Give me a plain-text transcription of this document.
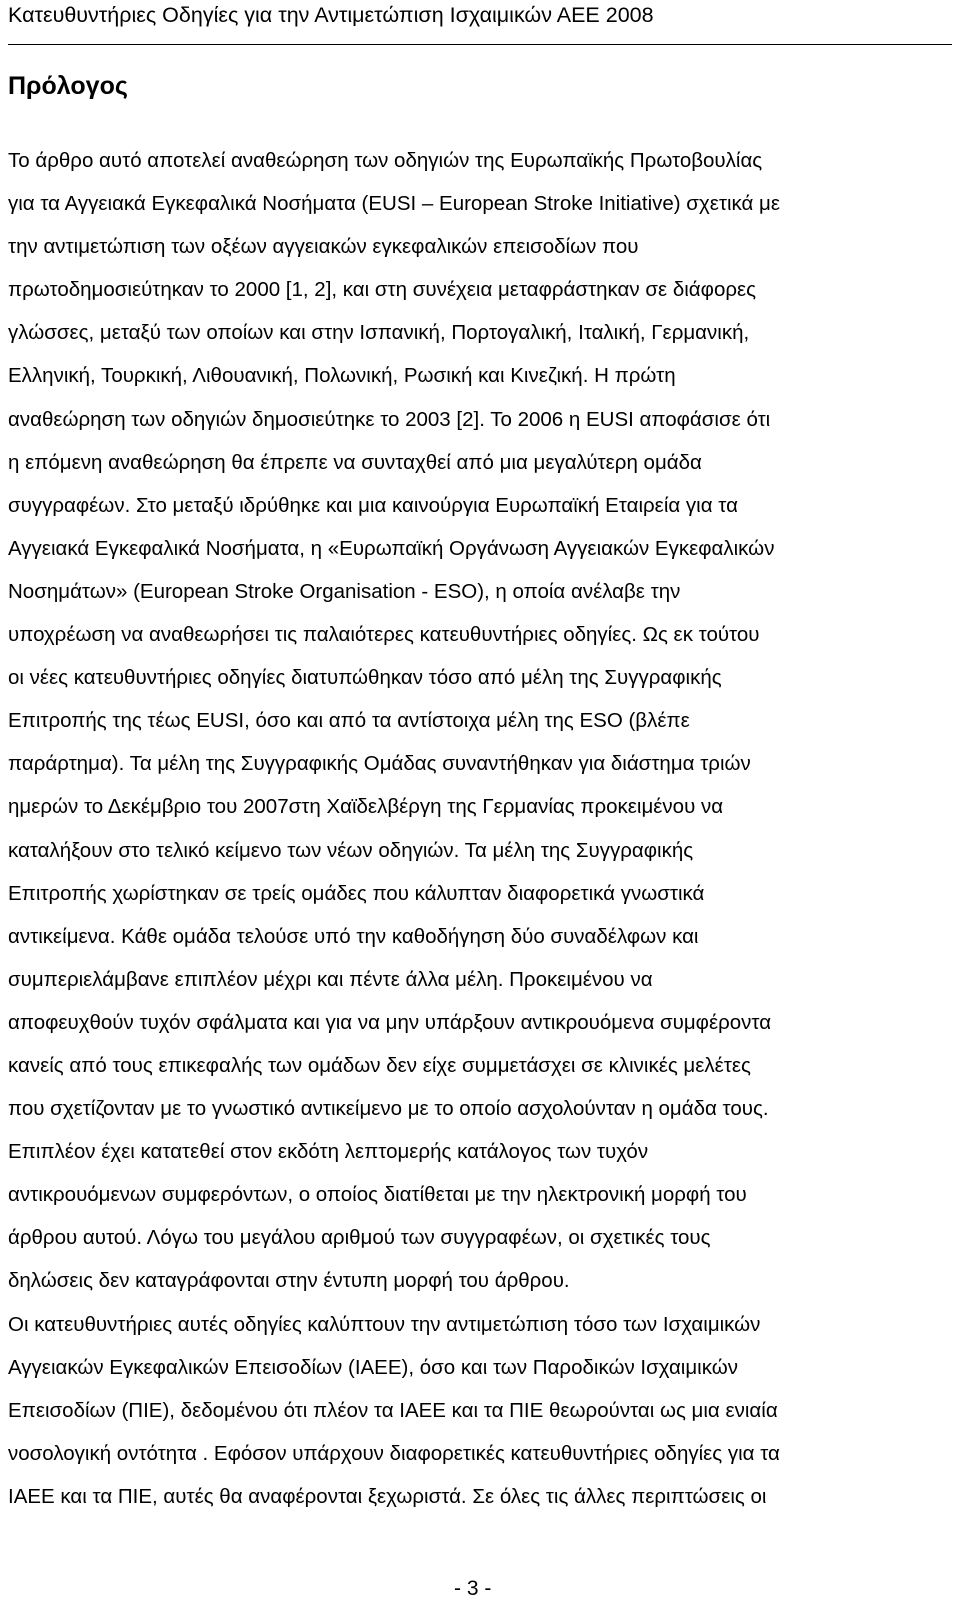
Κατευθυντήριες Οδηγίες για την Αντιμετώπιση Ισχαιμικών ΑΕΕ 2008
Πρόλογος
Το άρθρο αυτό αποτελεί αναθεώρηση των οδηγιών της Ευρωπαϊκής Πρωτοβουλίας
για τα Αγγειακά Εγκεφαλικά Νοσήματα (EUSI – European Stroke Initiative) σχετικά με
την αντιμετώπιση των οξέων αγγειακών εγκεφαλικών επεισοδίων που
πρωτοδημοσιεύτηκαν το 2000 [1, 2], και στη συνέχεια μεταφράστηκαν σε διάφορες
γλώσσες, μεταξύ των οποίων και στην Ισπανική, Πορτογαλική, Ιταλική, Γερμανική,
Ελληνική, Τουρκική, Λιθουανική, Πολωνική, Ρωσική και Κινεζική. Η πρώτη
αναθεώρηση των οδηγιών δημοσιεύτηκε το 2003 [2]. Το 2006 η EUSI αποφάσισε ότι
η επόμενη αναθεώρηση θα έπρεπε να συνταχθεί από μια μεγαλύτερη ομάδα
συγγραφέων. Στο μεταξύ ιδρύθηκε και μια καινούργια Ευρωπαϊκή Εταιρεία για τα
Αγγειακά Εγκεφαλικά Νοσήματα, η «Ευρωπαϊκή Οργάνωση Αγγειακών Εγκεφαλικών
Νοσημάτων» (European Stroke Organisation - ESO), η οποία ανέλαβε την
υποχρέωση να αναθεωρήσει τις παλαιότερες κατευθυντήριες οδηγίες. Ως εκ τούτου
οι νέες κατευθυντήριες οδηγίες διατυπώθηκαν τόσο από μέλη της Συγγραφικής
Επιτροπής της τέως EUSI, όσο και από τα αντίστοιχα μέλη της ESO (βλέπε
παράρτημα). Τα μέλη της Συγγραφικής Ομάδας συναντήθηκαν για διάστημα τριών
ημερών το Δεκέμβριο του 2007στη Χαϊδελβέργη της Γερμανίας προκειμένου να
καταλήξουν στο τελικό κείμενο των νέων οδηγιών. Τα μέλη της Συγγραφικής
Επιτροπής χωρίστηκαν σε τρείς ομάδες που κάλυπταν διαφορετικά γνωστικά
αντικείμενα. Κάθε ομάδα τελούσε υπό την καθοδήγηση δύο συναδέλφων και
συμπεριελάμβανε επιπλέον μέχρι και πέντε άλλα μέλη. Προκειμένου να
αποφευχθούν τυχόν σφάλματα και για να μην υπάρξουν αντικρουόμενα συμφέροντα
κανείς από τους επικεφαλής των ομάδων δεν είχε συμμετάσχει σε κλινικές μελέτες
που σχετίζονταν με το γνωστικό αντικείμενο με το οποίο ασχολούνταν η ομάδα τους.
Επιπλέον έχει κατατεθεί στον εκδότη λεπτομερής κατάλογος των τυχόν
αντικρουόμενων συμφερόντων, ο οποίος διατίθεται με την ηλεκτρονική μορφή του
άρθρου αυτού. Λόγω του μεγάλου αριθμού των συγγραφέων, οι σχετικές τους
δηλώσεις δεν καταγράφονται στην έντυπη μορφή του άρθρου.
Οι κατευθυντήριες αυτές οδηγίες καλύπτουν την αντιμετώπιση τόσο των Ισχαιμικών
Αγγειακών Εγκεφαλικών Επεισοδίων (ΙΑΕΕ), όσο και των Παροδικών Ισχαιμικών
Επεισοδίων (ΠΙΕ), δεδομένου ότι πλέον τα ΙΑΕΕ και τα ΠΙΕ θεωρούνται ως μια ενιαία
νοσολογική οντότητα . Εφόσον υπάρχουν διαφορετικές κατευθυντήριες οδηγίες για τα
ΙΑΕΕ και τα ΠΙΕ, αυτές θα αναφέρονται ξεχωριστά. Σε όλες τις άλλες περιπτώσεις οι
- 3 -
